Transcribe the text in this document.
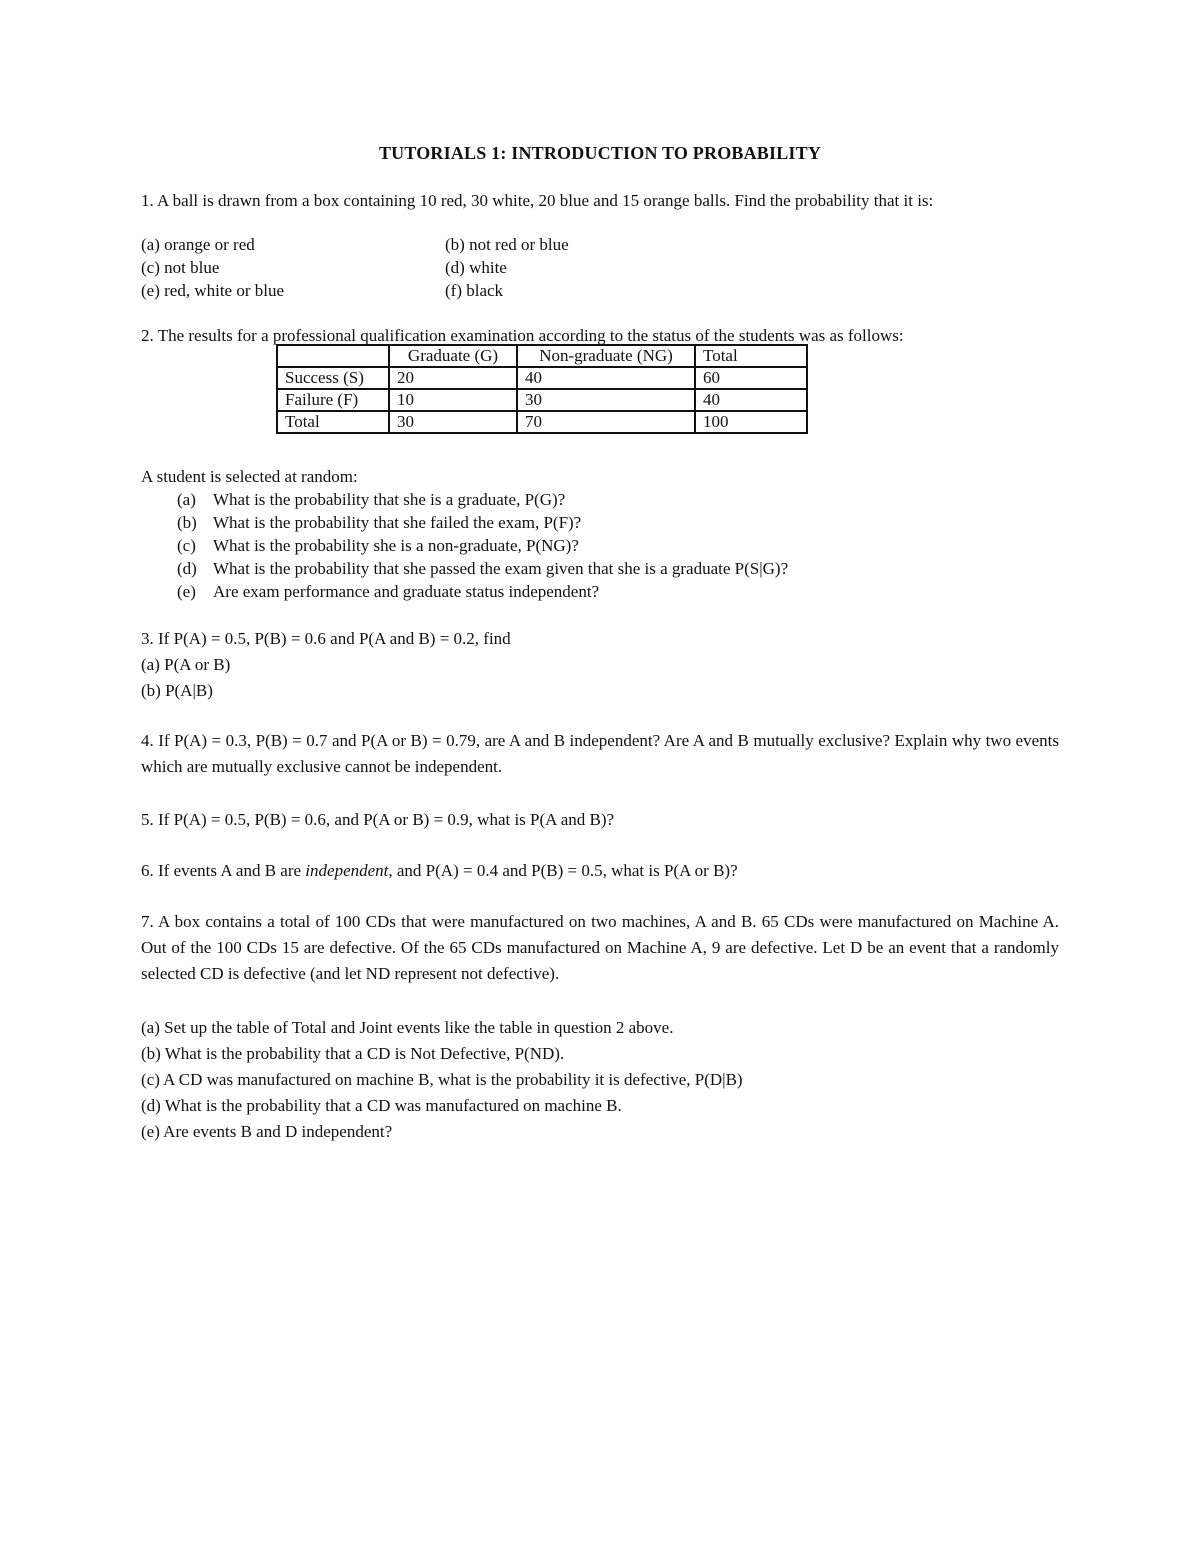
TUTORIALS 1: INTRODUCTION TO PROBABILITY
1. A ball is drawn from a box containing 10 red, 30 white, 20 blue and 15 orange balls. Find the probability that it is:
(a) orange or red	(b) not red or blue
(c) not blue	(d) white
(e) red, white or blue	(f) black
2. The results for a professional qualification examination according to the status of the students was as follows:
	Graduate (G)	Non-graduate (NG)	Total
Success (S)	20	40	60
Failure (F)	10	30	40
Total	30	70	100
A student is selected at random:
(a) What is the probability that she is a graduate, P(G)?
(b) What is the probability that she failed the exam, P(F)?
(c) What is the probability she is a non-graduate, P(NG)?
(d) What is the probability that she passed the exam given that she is a graduate P(S|G)?
(e) Are exam performance and graduate status independent?
3. If P(A) = 0.5, P(B) = 0.6 and P(A and B) = 0.2, find
(a) P(A or B)
(b) P(A|B)
4. If P(A) = 0.3, P(B) = 0.7 and P(A or B) = 0.79, are A and B independent? Are A and B mutually exclusive? Explain why two events which are mutually exclusive cannot be independent.
5. If P(A) = 0.5, P(B) = 0.6, and P(A or B) = 0.9, what is P(A and B)?
6. If events A and B are independent, and P(A) = 0.4 and P(B) = 0.5, what is P(A or B)?
7. A box contains a total of 100 CDs that were manufactured on two machines, A and B. 65 CDs were manufactured on Machine A. Out of the 100 CDs 15 are defective. Of the 65 CDs manufactured on Machine A, 9 are defective. Let D be an event that a randomly selected CD is defective (and let ND represent not defective).
(a) Set up the table of Total and Joint events like the table in question 2 above.
(b) What is the probability that a CD is Not Defective, P(ND).
(c) A CD was manufactured on machine B, what is the probability it is defective, P(D|B)
(d) What is the probability that a CD was manufactured on machine B.
(e) Are events B and D independent?
